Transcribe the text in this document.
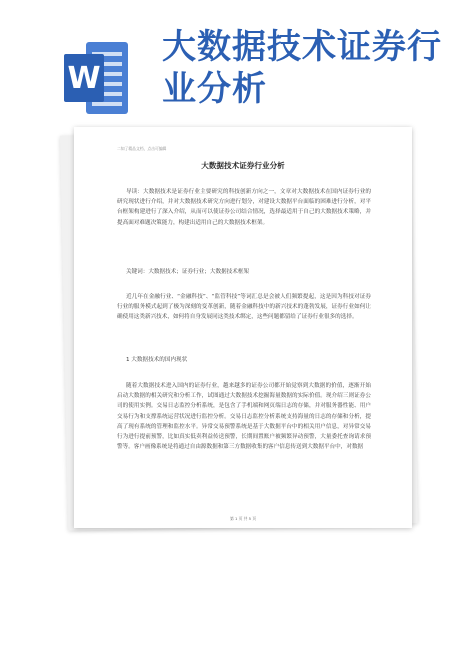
W
大数据技术证券行业分析
二知了精品文档，点击可编辑
大数据技术证券行业分析

导读：大数据技术是证券行业主要研究的科技创新方向之一，文章对大数据技术在国内证券行业的研究现状进行介绍，并对大数据技术研究方向进行划分，对建设大数据平台面临的困难进行分析，对平台框架构建进行了深入介绍，从而可以使证券公司结合情况，选择最适用于自己的大数据技术策略，并提高面对难题决策能力，构建出适用自己的大数据技术框架。

关键词：大数据技术；证券行业；大数据技术框架

近几年在金融行业、“金融科技”、“监管科技”等词汇总是会被人们频繁提起，这是因为科技对证券行业的服务模式起到了极为深刻的变革创新，随着金融科技中的新兴技术的蓬勃发展，证券行业如何让确使用这类新兴技术，如何将自身发展同这类技术绑定，这些问题都留给了证券行业很多的选择。

1 大数据技术的国内现状

随着大数据技术进入国内的证券行业，越来越多的证券公司都开始觉察到大数据的价值，逐渐开始启动大数据的相关研究和分析工作，试图通过大数据技术挖掘海量数据的实际价值。现介绍三则证券公司的使用实例。交易日志监控分析系统，是包含了手机端和网页端日志的存储，并对服务器性能、用户交易行为和支撑系统运营状况进行监控分析。交易日志监控分析系统支持海量的日志的存储和分析，提高了现有系统的管理和监控水平。异常交易预警系统是基于大数据平台中的相关用户信息，对异常交易行为进行提前预警，比如真实低卖利益传送预警，长期间置账户被频繁异动预警，大量委托查询请求预警等。客户画像系统是将通过自由源数据和第三方数据收集的客户信息传送到大数据平台中，对数据

第 1 页 共 5 页
